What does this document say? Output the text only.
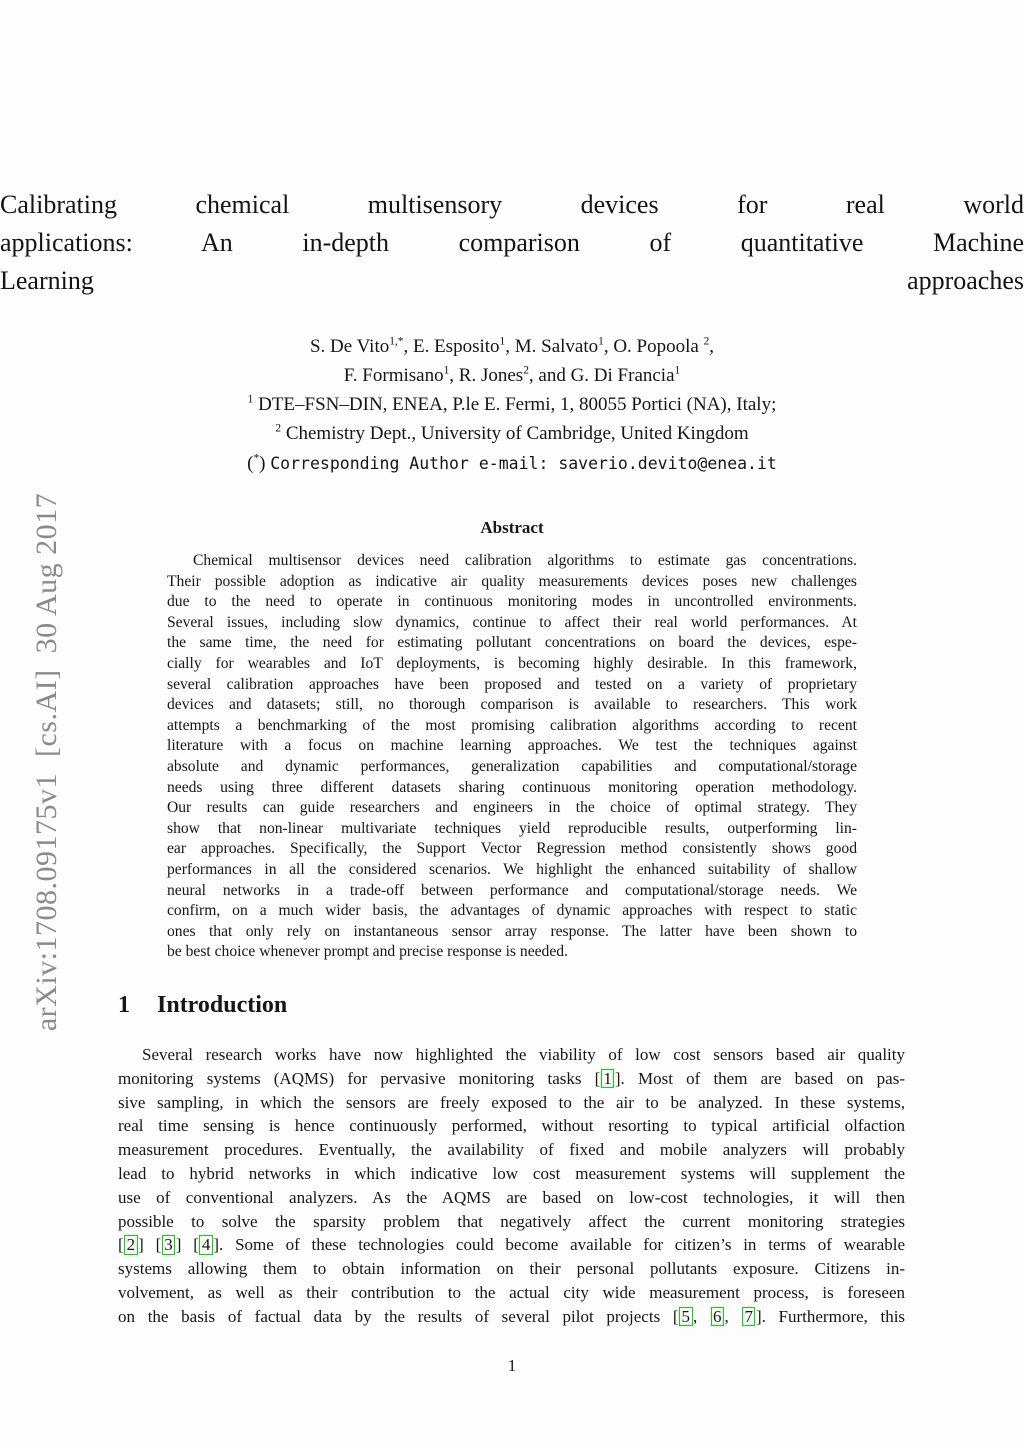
arXiv:1708.09175v1  [cs.AI]  30 Aug 2017
Calibrating chemical multisensory devices for real world
applications: An in-depth comparison of quantitative Machine
Learning approaches
S. De Vito$^{1,*}$, E. Esposito$^1$, M. Salvato$^1$, O. Popoola $^2$,
F. Formisano$^1$, R. Jones$^2$, and G. Di Francia$^1$
$^1$ DTE–FSN–DIN, ENEA, P.le E. Fermi, 1, 80055 Portici (NA), Italy;
$^2$ Chemistry Dept., University of Cambridge, United Kingdom
(*) Corresponding Author e-mail: saverio.devito@enea.it
Abstract
Chemical multisensor devices need calibration algorithms to estimate gas concentrations.
Their possible adoption as indicative air quality measurements devices poses new challenges
due to the need to operate in continuous monitoring modes in uncontrolled environments.
Several issues, including slow dynamics, continue to affect their real world performances. At
the same time, the need for estimating pollutant concentrations on board the devices, espe-
cially for wearables and IoT deployments, is becoming highly desirable. In this framework,
several calibration approaches have been proposed and tested on a variety of proprietary
devices and datasets; still, no thorough comparison is available to researchers. This work
attempts a benchmarking of the most promising calibration algorithms according to recent
literature with a focus on machine learning approaches. We test the techniques against
absolute and dynamic performances, generalization capabilities and computational/storage
needs using three different datasets sharing continuous monitoring operation methodology.
Our results can guide researchers and engineers in the choice of optimal strategy. They
show that non-linear multivariate techniques yield reproducible results, outperforming lin-
ear approaches. Specifically, the Support Vector Regression method consistently shows good
performances in all the considered scenarios. We highlight the enhanced suitability of shallow
neural networks in a trade-off between performance and computational/storage needs. We
confirm, on a much wider basis, the advantages of dynamic approaches with respect to static
ones that only rely on instantaneous sensor array response. The latter have been shown to
be best choice whenever prompt and precise response is needed.
1 Introduction
Several research works have now highlighted the viability of low cost sensors based air quality
monitoring systems (AQMS) for pervasive monitoring tasks [ 1 ]. Most of them are based on pas-
sive sampling, in which the sensors are freely exposed to the air to be analyzed. In these systems,
real time sensing is hence continuously performed, without resorting to typical artificial olfaction
measurement procedures. Eventually, the availability of fixed and mobile analyzers will probably
lead to hybrid networks in which indicative low cost measurement systems will supplement the
use of conventional analyzers. As the AQMS are based on low-cost technologies, it will then
possible to solve the sparsity problem that negatively affect the current monitoring strategies
[ 2 ] [ 3 ] [ 4 ]. Some of these technologies could become available for citizen’s in terms of wearable
systems allowing them to obtain information on their personal pollutants exposure. Citizens in-
volvement, as well as their contribution to the actual city wide measurement process, is foreseen
on the basis of factual data by the results of several pilot projects [ 5 , 6 , 7 ]. Furthermore, this
1
